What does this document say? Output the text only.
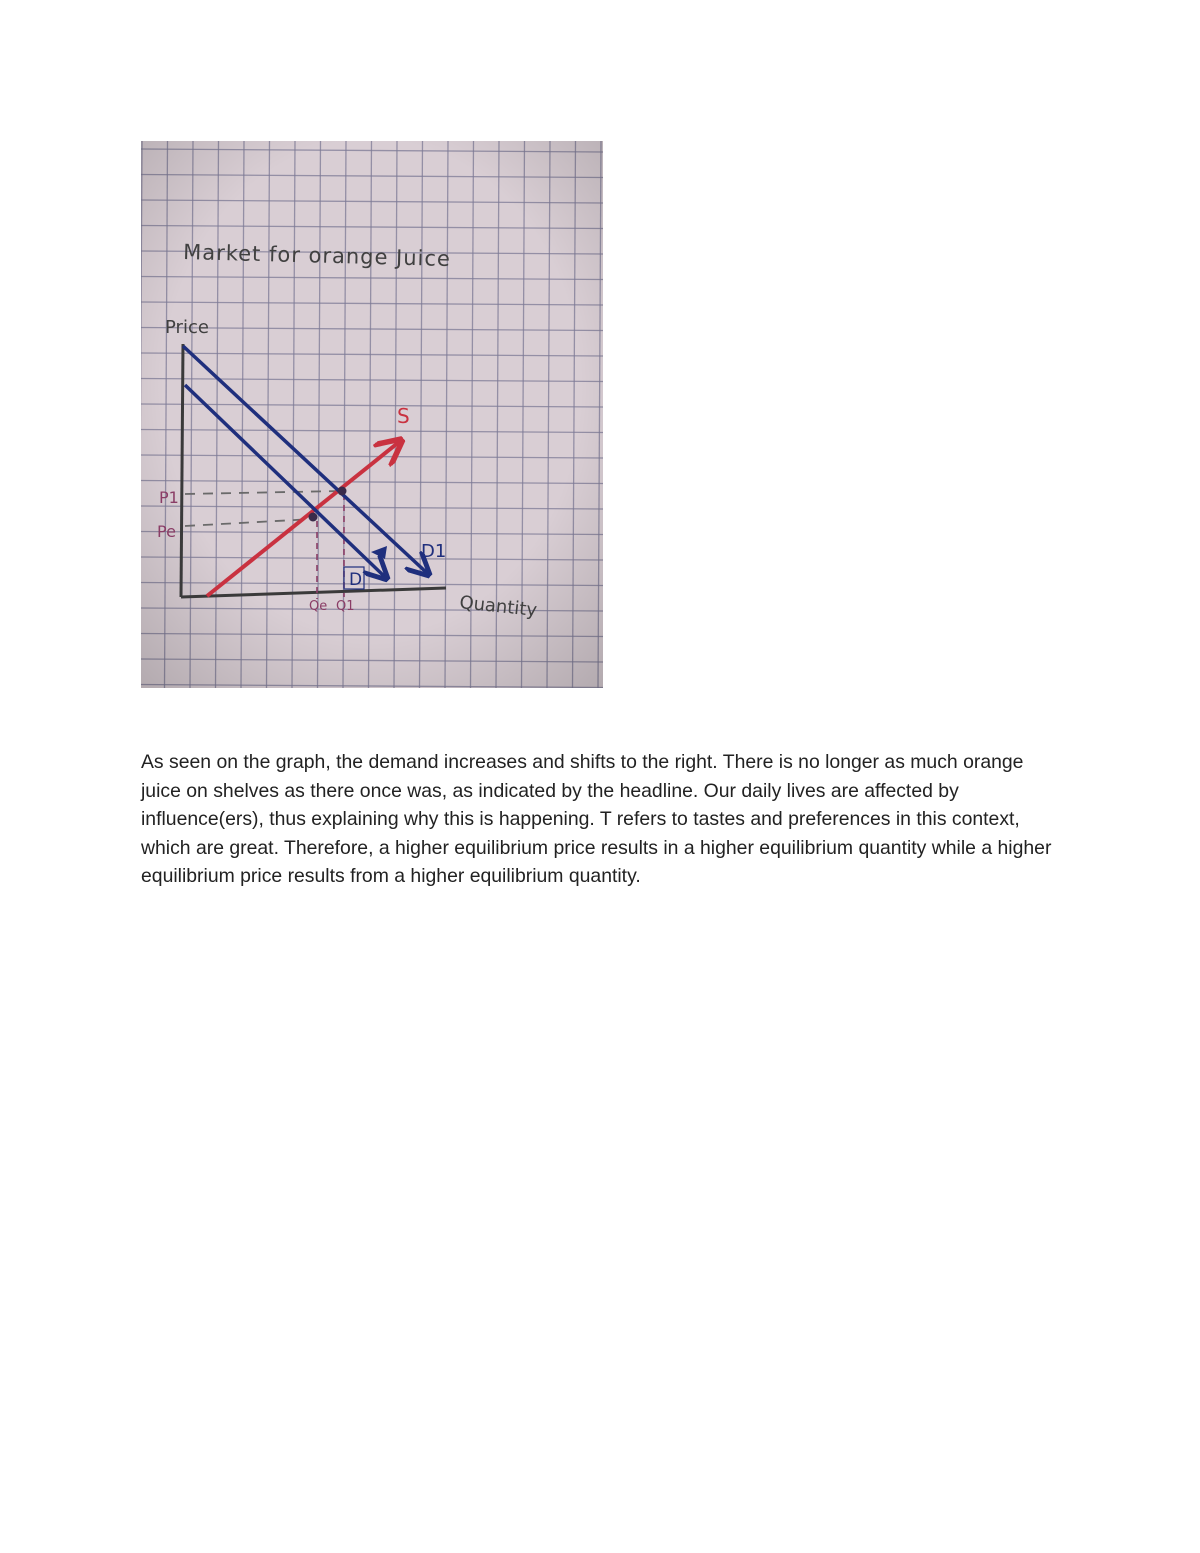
Market for orange Juice
Price
Quantity
P1
Pe
Qe Q1
S
D
D1

As seen on the graph, the demand increases and shifts to the right. There is no longer as much orange juice on shelves as there once was, as indicated by the headline. Our daily lives are affected by influence(ers), thus explaining why this is happening. T refers to tastes and preferences in this context, which are great. Therefore, a higher equilibrium price results in a higher equilibrium quantity while a higher equilibrium price results from a higher equilibrium quantity.
